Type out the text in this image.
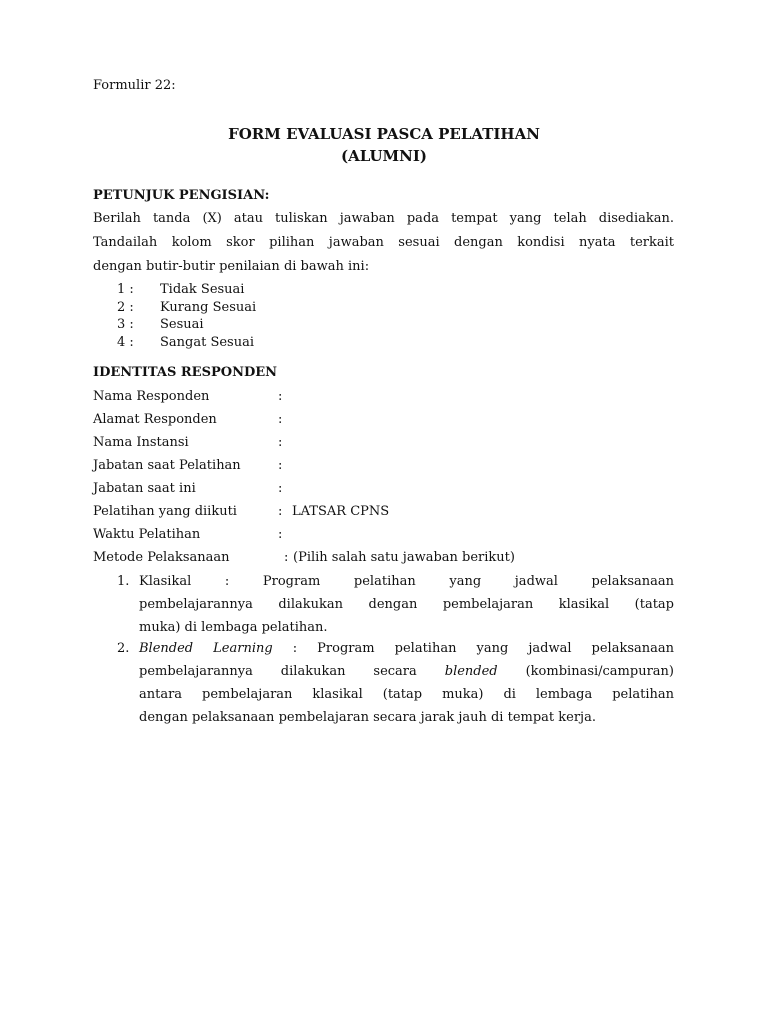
Formulir 22:
FORM EVALUASI PASCA PELATIHAN
(ALUMNI)
PETUNJUK PENGISIAN:
Berilah tanda (X) atau tuliskan jawaban pada tempat yang telah disediakan.
Tandailah kolom skor pilihan jawaban sesuai dengan kondisi nyata terkait
dengan butir-butir penilaian di bawah ini:
1 : Tidak Sesuai
2 : Kurang Sesuai
3 : Sesuai
4 : Sangat Sesuai
IDENTITAS RESPONDEN
Nama Responden	:
Alamat Responden	:
Nama Instansi	:
Jabatan saat Pelatihan	:
Jabatan saat ini	:
Pelatihan yang diikuti	: LATSAR CPNS
Waktu Pelatihan	:
Metode Pelaksanaan	: (Pilih salah satu jawaban berikut)
1. Klasikal	:	Program	pelatihan	yang	jadwal	pelaksanaan
pembelajarannya dilakukan dengan pembelajaran klasikal (tatap
muka) di lembaga pelatihan.
2. Blended Learning : Program pelatihan yang jadwal pelaksanaan
pembelajarannya dilakukan secara blended (kombinasi/campuran)
antara pembelajaran klasikal (tatap muka) di lembaga pelatihan
dengan pelaksanaan pembelajaran secara jarak jauh di tempat kerja.
